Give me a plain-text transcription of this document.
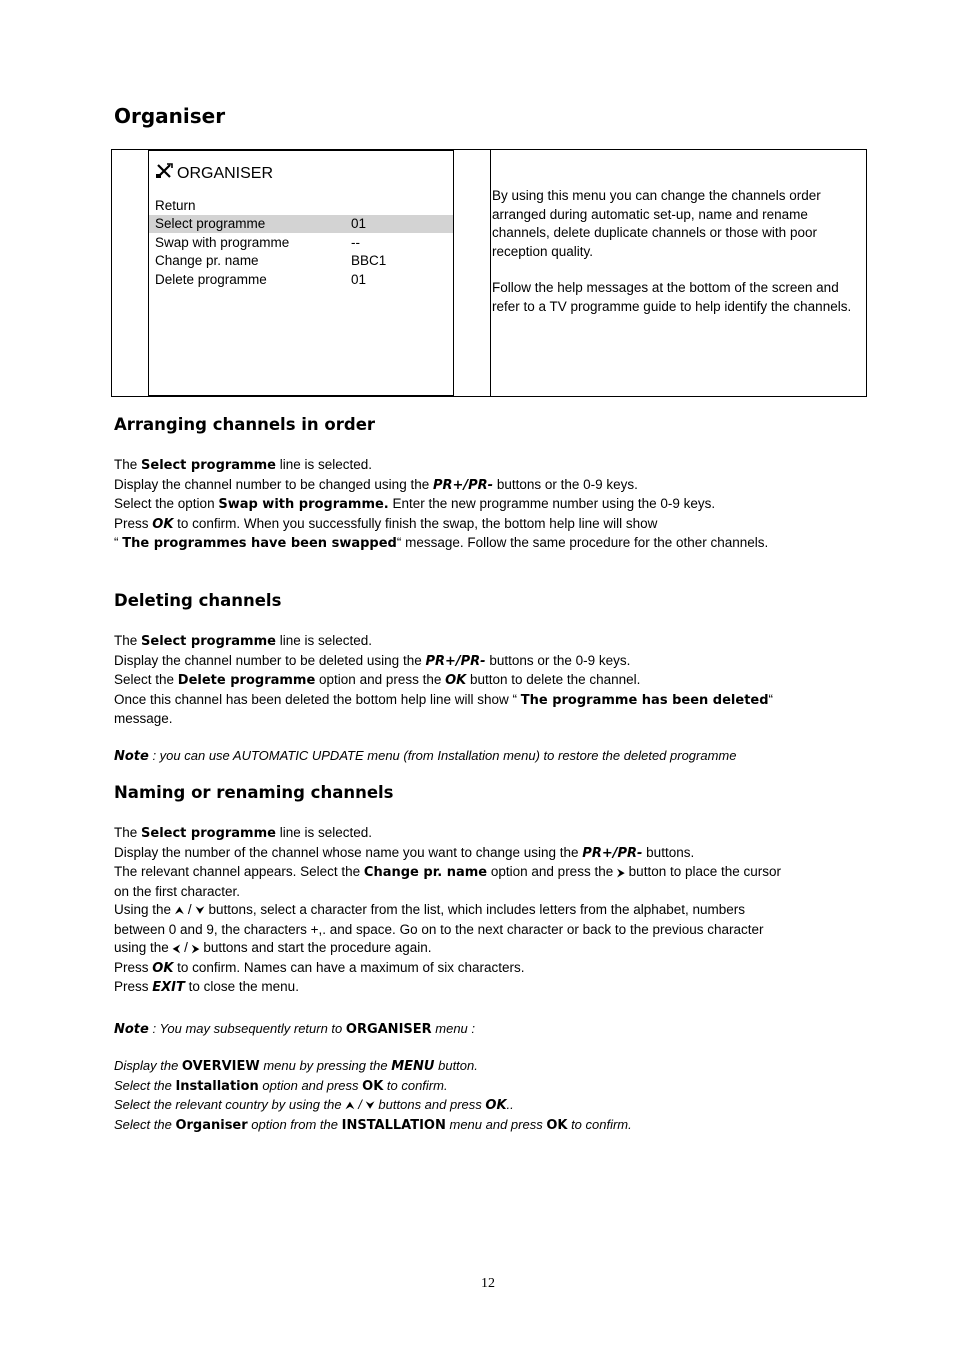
Organiser
ORGANISER
Return
Select programme	01
Swap with programme	--
Change pr. name	BBC1
Delete programme	01

By using this menu you can change the channels order arranged during automatic set-up, name and rename channels, delete duplicate channels or those with poor reception quality.

Follow the help messages at the bottom of the screen and refer to a TV programme guide to help identify the channels.

Arranging channels in order
The Select programme line is selected.
Display the channel number to be changed using the PR+/PR- buttons or the 0-9 keys.
Select the option Swap with programme. Enter the new programme number using the 0-9 keys.
Press OK to confirm. When you successfully finish the swap, the bottom help line will show
“ The programmes have been swapped“ message. Follow the same procedure for the other channels.
Deleting channels
The Select programme line is selected.
Display the channel number to be deleted using the PR+/PR- buttons or the 0-9 keys.
Select the Delete programme option and press the OK button to delete the channel.
Once this channel has been deleted the bottom help line will show “ The programme has been deleted“
message.
Note : you can use AUTOMATIC UPDATE menu (from Installation menu) to restore the deleted programme
Naming or renaming channels
The Select programme line is selected.
Display the number of the channel whose name you want to change using the PR+/PR- buttons.
The relevant channel appears. Select the Change pr. name option and press the ⮞ button to place the cursor
on the first character.
Using the ⮝ / ⮟ buttons, select a character from the list, which includes letters from the alphabet, numbers
between 0 and 9, the characters +,. and space. Go on to the next character or back to the previous character
using the ⮜ / ⮞ buttons and start the procedure again.
Press OK to confirm. Names can have a maximum of six characters.
Press EXIT to close the menu.
Note : You may subsequently return to ORGANISER menu :
Display the OVERVIEW menu by pressing the MENU button.
Select the Installation option and press OK to confirm.
Select the relevant country by using the ⮝ / ⮟ buttons and press OK..
Select the Organiser option from the INSTALLATION menu and press OK to confirm.
12
